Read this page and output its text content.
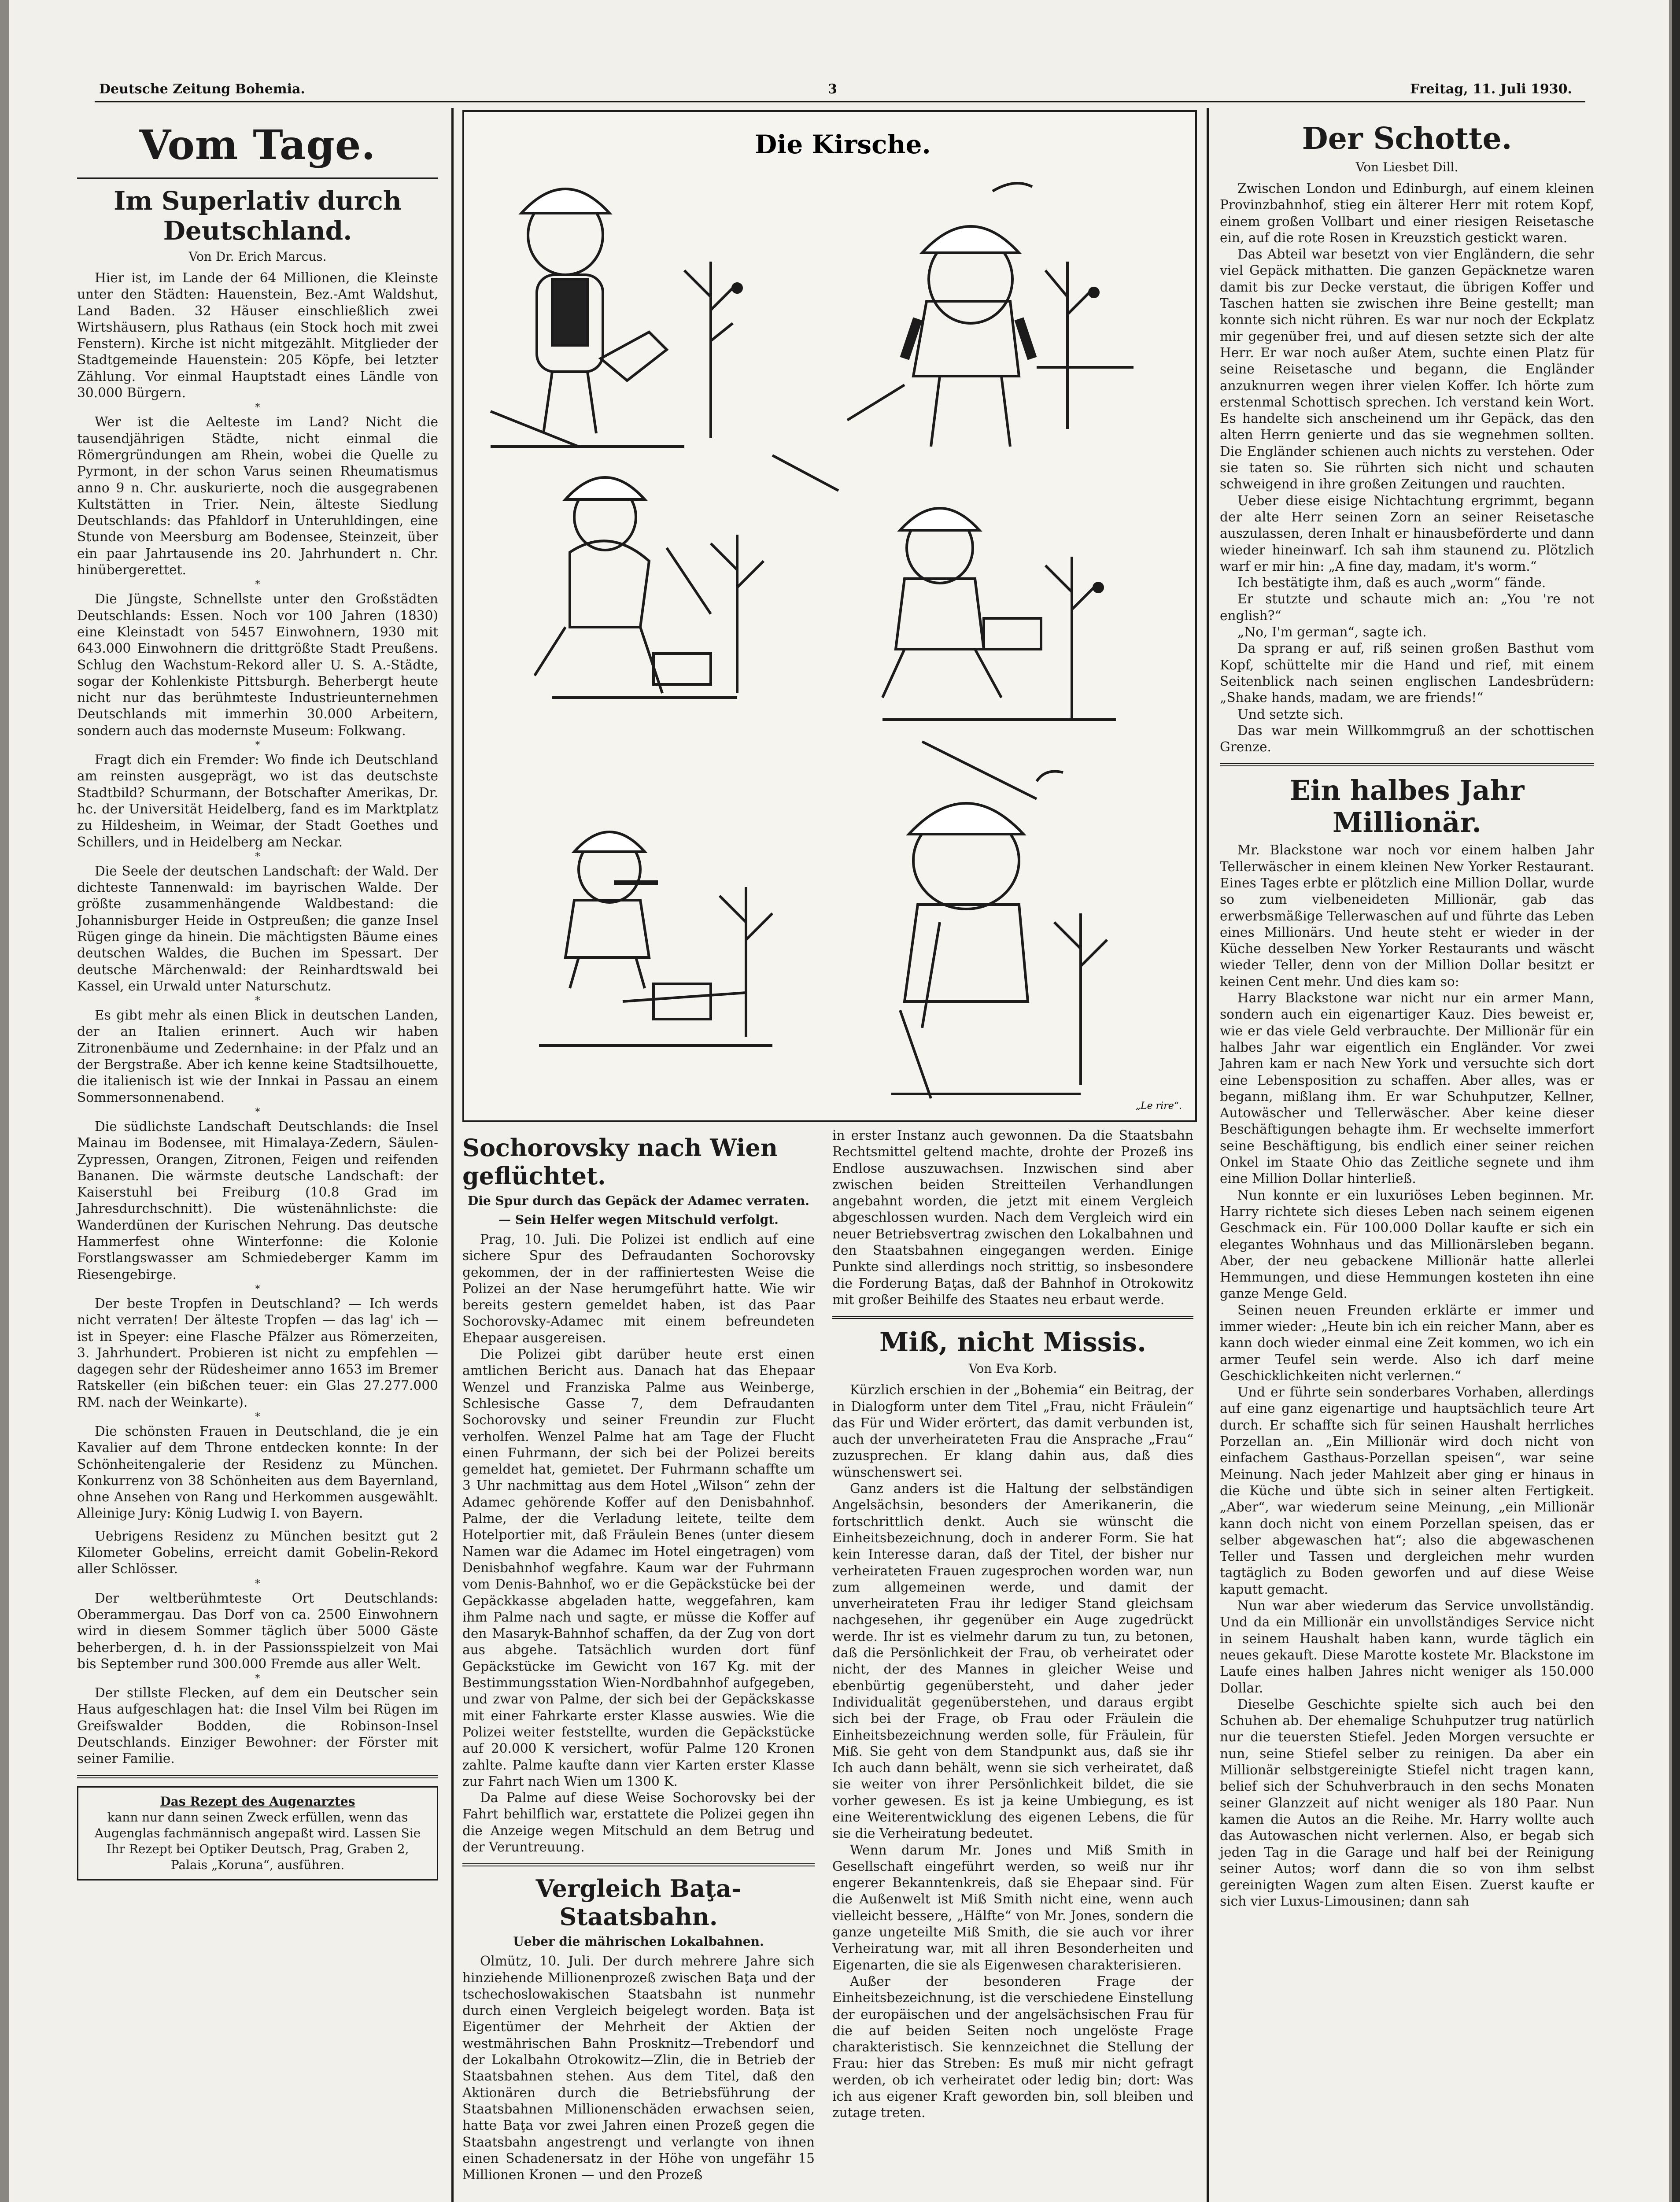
Deutsche Zeitung Bohemia.	3	Freitag, 11. Juli 1930.
Vom Tage.
Im Superlativ durch Deutschland.
Von Dr. Erich Marcus.

Hier ist, im Lande der 64 Millionen, die Kleinste unter den Städten: Hauenstein, Bez.-Amt Waldshut, Land Baden. 32 Häuser einschließlich zwei Wirtshäusern, plus Rathaus (ein Stock hoch mit zwei Fenstern). Kirche ist nicht mitgezählt. Mitglieder der Stadtgemeinde Hauenstein: 205 Köpfe, bei letzter Zählung. Vor einmal Hauptstadt eines Ländle von 30.000 Bürgern.

*

Wer ist die Aelteste im Land? Nicht die tausendjährigen Städte, nicht einmal die Römergründungen am Rhein, wobei die Quelle zu Pyrmont, in der schon Varus seinen Rheumatismus anno 9 n. Chr. auskurierte, noch die ausgegrabenen Kultstätten in Trier. Nein, älteste Siedlung Deutschlands: das Pfahldorf in Unteruhldingen, eine Stunde von Meersburg am Bodensee, Steinzeit, über ein paar Jahrtausende ins 20. Jahrhundert n. Chr. hinübergerettet.

*

Die Jüngste, Schnellste unter den Großstädten Deutschlands: Essen. Noch vor 100 Jahren (1830) eine Kleinstadt von 5457 Einwohnern, 1930 mit 643.000 Einwohnern die drittgrößte Stadt Preußens. Schlug den Wachstum-Rekord aller U. S. A.-Städte, sogar der Kohlenkiste Pittsburgh. Beherbergt heute nicht nur das berühmteste Industrieunternehmen Deutschlands mit immerhin 30.000 Arbeitern, sondern auch das modernste Museum: Folkwang.

*

Fragt dich ein Fremder: Wo finde ich Deutschland am reinsten ausgeprägt, wo ist das deutschste Stadtbild? Schurmann, der Botschafter Amerikas, Dr. hc. der Universität Heidelberg, fand es im Marktplatz zu Hildesheim, in Weimar, der Stadt Goethes und Schillers, und in Heidelberg am Neckar.

*

Die Seele der deutschen Landschaft: der Wald. Der dichteste Tannenwald: im bayrischen Walde. Der größte zusammenhängende Waldbestand: die Johannisburger Heide in Ostpreußen; die ganze Insel Rügen ginge da hinein. Die mächtigsten Bäume eines deutschen Waldes, die Buchen im Spessart. Der deutsche Märchenwald: der Reinhardtswald bei Kassel, ein Urwald unter Naturschutz.

*

Es gibt mehr als einen Blick in deutschen Landen, der an Italien erinnert. Auch wir haben Zitronenbäume und Zedernhaine: in der Pfalz und an der Bergstraße. Aber ich kenne keine Stadtsilhouette, die italienisch ist wie der Innkai in Passau an einem Sommersonnenabend.

*

Die südlichste Landschaft Deutschlands: die Insel Mainau im Bodensee, mit Himalaya-Zedern, Säulen-Zypressen, Orangen, Zitronen, Feigen und reifenden Bananen. Die wärmste deutsche Landschaft: der Kaiserstuhl bei Freiburg (10.8 Grad im Jahresdurchschnitt). Die wüstenähnlichste: die Wanderdünen der Kurischen Nehrung. Das deutsche Hammerfest ohne Winterfonne: die Kolonie Forstlangswasser am Schmiedeberger Kamm im Riesengebirge.

*

Der beste Tropfen in Deutschland? — Ich werds nicht verraten! Der älteste Tropfen — das lag' ich — ist in Speyer: eine Flasche Pfälzer aus Römerzeiten, 3. Jahrhundert. Probieren ist nicht zu empfehlen — dagegen sehr der Rüdesheimer anno 1653 im Bremer Ratskeller (ein bißchen teuer: ein Glas 27.277.000 RM. nach der Weinkarte).

*

Die schönsten Frauen in Deutschland, die je ein Kavalier auf dem Throne entdecken konnte: In der Schönheitengalerie der Residenz zu München. Konkurrenz von 38 Schönheiten aus dem Bayernland, ohne Ansehen von Rang und Herkommen ausgewählt. Alleinige Jury: König Ludwig I. von Bayern.

Uebrigens Residenz zu München besitzt gut 2 Kilometer Gobelins, erreicht damit Gobelin-Rekord aller Schlösser.

*

Der weltberühmteste Ort Deutschlands: Oberammergau. Das Dorf von ca. 2500 Einwohnern wird in diesem Sommer täglich über 5000 Gäste beherbergen, d. h. in der Passionsspielzeit von Mai bis September rund 300.000 Fremde aus aller Welt.

*

Der stillste Flecken, auf dem ein Deutscher sein Haus aufgeschlagen hat: die Insel Vilm bei Rügen im Greifswalder Bodden, die Robinson-Insel Deutschlands. Einziger Bewohner: der Förster mit seiner Familie.

Das Rezept des Augenarztes
kann nur dann seinen Zweck erfüllen, wenn das Augenglas fachmännisch angepaßt wird. Lassen Sie Ihr Rezept bei Optiker Deutsch, Prag, Graben 2, Palais „Koruna“, ausführen.
Die Kirsche.
„Le rire“.
Sochorovsky nach Wien geflüchtet.
Die Spur durch das Gepäck der Adamec verraten.
— Sein Helfer wegen Mitschuld verfolgt.

Prag, 10. Juli. Die Polizei ist endlich auf eine sichere Spur des Defraudanten Sochorovsky gekommen, der in der raffiniertesten Weise die Polizei an der Nase herumgeführt hatte. Wie wir bereits gestern gemeldet haben, ist das Paar Sochorovsky-Adamec mit einem befreundeten Ehepaar ausgereisen.

Die Polizei gibt darüber heute erst einen amtlichen Bericht aus. Danach hat das Ehepaar Wenzel und Franziska Palme aus Weinberge, Schlesische Gasse 7, dem Defraudanten Sochorovsky und seiner Freundin zur Flucht verholfen. Wenzel Palme hat am Tage der Flucht einen Fuhrmann, der sich bei der Polizei bereits gemeldet hat, gemietet. Der Fuhrmann schaffte um 3 Uhr nachmittag aus dem Hotel „Wilson“ zehn der Adamec gehörende Koffer auf den Denisbahnhof. Palme, der die Verladung leitete, teilte dem Hotelportier mit, daß Fräulein Benes (unter diesem Namen war die Adamec im Hotel eingetragen) vom Denisbahnhof wegfahre. Kaum war der Fuhrmann vom Denis-Bahnhof, wo er die Gepäckstücke bei der Gepäckkasse abgeladen hatte, weggefahren, kam ihm Palme nach und sagte, er müsse die Koffer auf den Masaryk-Bahnhof schaffen, da der Zug von dort aus abgehe. Tatsächlich wurden dort fünf Gepäckstücke im Gewicht von 167 Kg. mit der Bestimmungsstation Wien-Nordbahnhof aufgegeben, und zwar von Palme, der sich bei der Gepäckskasse mit einer Fahrkarte erster Klasse auswies. Wie die Polizei weiter feststellte, wurden die Gepäckstücke auf 20.000 K versichert, wofür Palme 120 Kronen zahlte. Palme kaufte dann vier Karten erster Klasse zur Fahrt nach Wien um 1300 K.

Da Palme auf diese Weise Sochorovsky bei der Fahrt behilflich war, erstattete die Polizei gegen ihn die Anzeige wegen Mitschuld an dem Betrug und der Veruntreuung.

Vergleich Baţa-Staatsbahn.
Ueber die mährischen Lokalbahnen.

Olmütz, 10. Juli. Der durch mehrere Jahre sich hinziehende Millionenprozeß zwischen Baţa und der tschechoslowakischen Staatsbahn ist nunmehr durch einen Vergleich beigelegt worden. Baţa ist Eigentümer der Mehrheit der Aktien der westmährischen Bahn Prosknitz—Trebendorf und der Lokalbahn Otrokowitz—Zlin, die in Betrieb der Staatsbahnen stehen. Aus dem Titel, daß den Aktionären durch die Betriebsführung der Staatsbahnen Millionenschäden erwachsen seien, hatte Baţa vor zwei Jahren einen Prozeß gegen die Staatsbahn angestrengt und verlangte von ihnen einen Schadenersatz in der Höhe von ungefähr 15 Millionen Kronen — und den Prozeß

in erster Instanz auch gewonnen. Da die Staatsbahn Rechtsmittel geltend machte, drohte der Prozeß ins Endlose auszuwachsen. Inzwischen sind aber zwischen beiden Streitteilen Verhandlungen angebahnt worden, die jetzt mit einem Vergleich abgeschlossen wurden. Nach dem Vergleich wird ein neuer Betriebsvertrag zwischen den Lokalbahnen und den Staatsbahnen eingegangen werden. Einige Punkte sind allerdings noch strittig, so insbesondere die Forderung Baţas, daß der Bahnhof in Otrokowitz mit großer Beihilfe des Staates neu erbaut werde.

Miß, nicht Missis.
Von Eva Korb.

Kürzlich erschien in der „Bohemia“ ein Beitrag, der in Dialogform unter dem Titel „Frau, nicht Fräulein“ das Für und Wider erörtert, das damit verbunden ist, auch der unverheirateten Frau die Ansprache „Frau“ zuzusprechen. Er klang dahin aus, daß dies wünschenswert sei.

Ganz anders ist die Haltung der selbständigen Angelsächsin, besonders der Amerikanerin, die fortschrittlich denkt. Auch sie wünscht die Einheitsbezeichnung, doch in anderer Form. Sie hat kein Interesse daran, daß der Titel, der bisher nur verheirateten Frauen zugesprochen worden war, nun zum allgemeinen werde, und damit der unverheirateten Frau ihr lediger Stand gleichsam nachgesehen, ihr gegenüber ein Auge zugedrückt werde. Ihr ist es vielmehr darum zu tun, zu betonen, daß die Persönlichkeit der Frau, ob verheiratet oder nicht, der des Mannes in gleicher Weise und ebenbürtig gegenübersteht, und daher jeder Individualität gegenüberstehen, und daraus ergibt sich bei der Frage, ob Frau oder Fräulein die Einheitsbezeichnung werden solle, für Fräulein, für Miß. Sie geht von dem Standpunkt aus, daß sie ihr Ich auch dann behält, wenn sie sich verheiratet, daß sie weiter von ihrer Persönlichkeit bildet, die sie vorher gewesen. Es ist ja keine Umbiegung, es ist eine Weiterentwicklung des eigenen Lebens, die für sie die Verheiratung bedeutet.

Wenn darum Mr. Jones und Miß Smith in Gesellschaft eingeführt werden, so weiß nur ihr engerer Bekanntenkreis, daß sie Ehepaar sind. Für die Außenwelt ist Miß Smith nicht eine, wenn auch vielleicht bessere, „Hälfte“ von Mr. Jones, sondern die ganze ungeteilte Miß Smith, die sie auch vor ihrer Verheiratung war, mit all ihren Besonderheiten und Eigenarten, die sie als Eigenwesen charakterisieren.

Außer der besonderen Frage der Einheitsbezeichnung, ist die verschiedene Einstellung der europäischen und der angelsächsischen Frau für die auf beiden Seiten noch ungelöste Frage charakteristisch. Sie kennzeichnet die Stellung der Frau: hier das Streben: Es muß mir nicht gefragt werden, ob ich verheiratet oder ledig bin; dort: Was ich aus eigener Kraft geworden bin, soll bleiben und zutage treten.

Der Schotte.
Von Liesbet Dill.

Zwischen London und Edinburgh, auf einem kleinen Provinzbahnhof, stieg ein älterer Herr mit rotem Kopf, einem großen Vollbart und einer riesigen Reisetasche ein, auf die rote Rosen in Kreuzstich gestickt waren.

Das Abteil war besetzt von vier Engländern, die sehr viel Gepäck mithatten. Die ganzen Gepäcknetze waren damit bis zur Decke verstaut, die übrigen Koffer und Taschen hatten sie zwischen ihre Beine gestellt; man konnte sich nicht rühren. Es war nur noch der Eckplatz mir gegenüber frei, und auf diesen setzte sich der alte Herr. Er war noch außer Atem, suchte einen Platz für seine Reisetasche und begann, die Engländer anzuknurren wegen ihrer vielen Koffer. Ich hörte zum erstenmal Schottisch sprechen. Ich verstand kein Wort. Es handelte sich anscheinend um ihr Gepäck, das den alten Herrn genierte und das sie wegnehmen sollten. Die Engländer schienen auch nichts zu verstehen. Oder sie taten so. Sie rührten sich nicht und schauten schweigend in ihre großen Zeitungen und rauchten.

Ueber diese eisige Nichtachtung ergrimmt, begann der alte Herr seinen Zorn an seiner Reisetasche auszulassen, deren Inhalt er hinausbeförderte und dann wieder hineinwarf. Ich sah ihm staunend zu. Plötzlich warf er mir hin: „A fine day, madam, it's worm.“

Ich bestätigte ihm, daß es auch „worm“ fände.

Er stutzte und schaute mich an: „You 're not english?“

„No, I'm german“, sagte ich.

Da sprang er auf, riß seinen großen Basthut vom Kopf, schüttelte mir die Hand und rief, mit einem Seitenblick nach seinen englischen Landesbrüdern: „Shake hands, madam, we are friends!“

Und setzte sich.

Das war mein Willkommgruß an der schottischen Grenze.

Ein halbes Jahr Millionär.

Mr. Blackstone war noch vor einem halben Jahr Tellerwäscher in einem kleinen New Yorker Restaurant. Eines Tages erbte er plötzlich eine Million Dollar, wurde so zum vielbeneideten Millionär, gab das erwerbsmäßige Tellerwaschen auf und führte das Leben eines Millionärs. Und heute steht er wieder in der Küche desselben New Yorker Restaurants und wäscht wieder Teller, denn von der Million Dollar besitzt er keinen Cent mehr. Und dies kam so:

Harry Blackstone war nicht nur ein armer Mann, sondern auch ein eigenartiger Kauz. Dies beweist er, wie er das viele Geld verbrauchte. Der Millionär für ein halbes Jahr war eigentlich ein Engländer. Vor zwei Jahren kam er nach New York und versuchte sich dort eine Lebensposition zu schaffen. Aber alles, was er begann, mißlang ihm. Er war Schuhputzer, Kellner, Autowäscher und Tellerwäscher. Aber keine dieser Beschäftigungen behagte ihm. Er wechselte immerfort seine Beschäftigung, bis endlich einer seiner reichen Onkel im Staate Ohio das Zeitliche segnete und ihm eine Million Dollar hinterließ.

Nun konnte er ein luxuriöses Leben beginnen. Mr. Harry richtete sich dieses Leben nach seinem eigenen Geschmack ein. Für 100.000 Dollar kaufte er sich ein elegantes Wohnhaus und das Millionärsleben begann. Aber, der neu gebackene Millionär hatte allerlei Hemmungen, und diese Hemmungen kosteten ihn eine ganze Menge Geld.

Seinen neuen Freunden erklärte er immer und immer wieder: „Heute bin ich ein reicher Mann, aber es kann doch wieder einmal eine Zeit kommen, wo ich ein armer Teufel sein werde. Also ich darf meine Geschicklichkeiten nicht verlernen.“

Und er führte sein sonderbares Vorhaben, allerdings auf eine ganz eigenartige und hauptsächlich teure Art durch. Er schaffte sich für seinen Haushalt herrliches Porzellan an. „Ein Millionär wird doch nicht von einfachem Gasthaus-Porzellan speisen“, war seine Meinung. Nach jeder Mahlzeit aber ging er hinaus in die Küche und übte sich in seiner alten Fertigkeit. „Aber“, war wiederum seine Meinung, „ein Millionär kann doch nicht von einem Porzellan speisen, das er selber abgewaschen hat“; also die abgewaschenen Teller und Tassen und dergleichen mehr wurden tagtäglich zu Boden geworfen und auf diese Weise kaputt gemacht.

Nun war aber wiederum das Service unvollständig. Und da ein Millionär ein unvollständiges Service nicht in seinem Haushalt haben kann, wurde täglich ein neues gekauft. Diese Marotte kostete Mr. Blackstone im Laufe eines halben Jahres nicht weniger als 150.000 Dollar.

Dieselbe Geschichte spielte sich auch bei den Schuhen ab. Der ehemalige Schuhputzer trug natürlich nur die teuersten Stiefel. Jeden Morgen versuchte er nun, seine Stiefel selber zu reinigen. Da aber ein Millionär selbstgereinigte Stiefel nicht tragen kann, belief sich der Schuhverbrauch in den sechs Monaten seiner Glanzzeit auf nicht weniger als 180 Paar. Nun kamen die Autos an die Reihe. Mr. Harry wollte auch das Autowaschen nicht verlernen. Also, er begab sich jeden Tag in die Garage und half bei der Reinigung seiner Autos; worf dann die so von ihm selbst gereinigten Wagen zum alten Eisen. Zuerst kaufte er sich vier Luxus-Limousinen; dann sah
